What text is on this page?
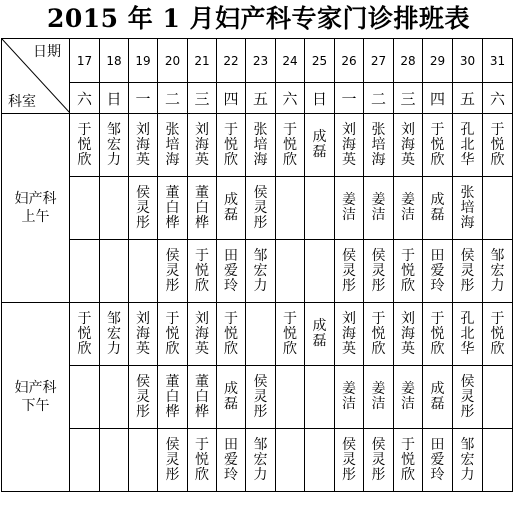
2015 年 1 月妇产科专家门诊排班表
日期
科室	17	18	19	20	21	22	23	24	25	26	27	28	29	30	31
	六	日	一	二	三	四	五	六	日	一	二	三	四	五	六

妇产科
上午	于悦欣	邹宏力	刘海英	张培海	刘海英	于悦欣	张培海	于悦欣	成磊	刘海英	张培海	刘海英	于悦欣	孔北华	于悦欣
			侯灵彤	董白桦	董白桦	成磊	侯灵彤			姜洁	姜洁	姜洁	成磊	张培海	
				侯灵彤	于悦欣	田爱玲	邹宏力			侯灵彤	侯灵彤	于悦欣	田爱玲	侯灵彤	邹宏力

妇产科
下午	于悦欣	邹宏力	刘海英	于悦欣	刘海英	于悦欣		于悦欣	成磊	刘海英	于悦欣	刘海英	于悦欣	孔北华	于悦欣
			侯灵彤	董白桦	董白桦	成磊	侯灵彤			姜洁	姜洁	姜洁	成磊	侯灵彤	
				侯灵彤	于悦欣	田爱玲	邹宏力			侯灵彤	侯灵彤	于悦欣	田爱玲	邹宏力	
